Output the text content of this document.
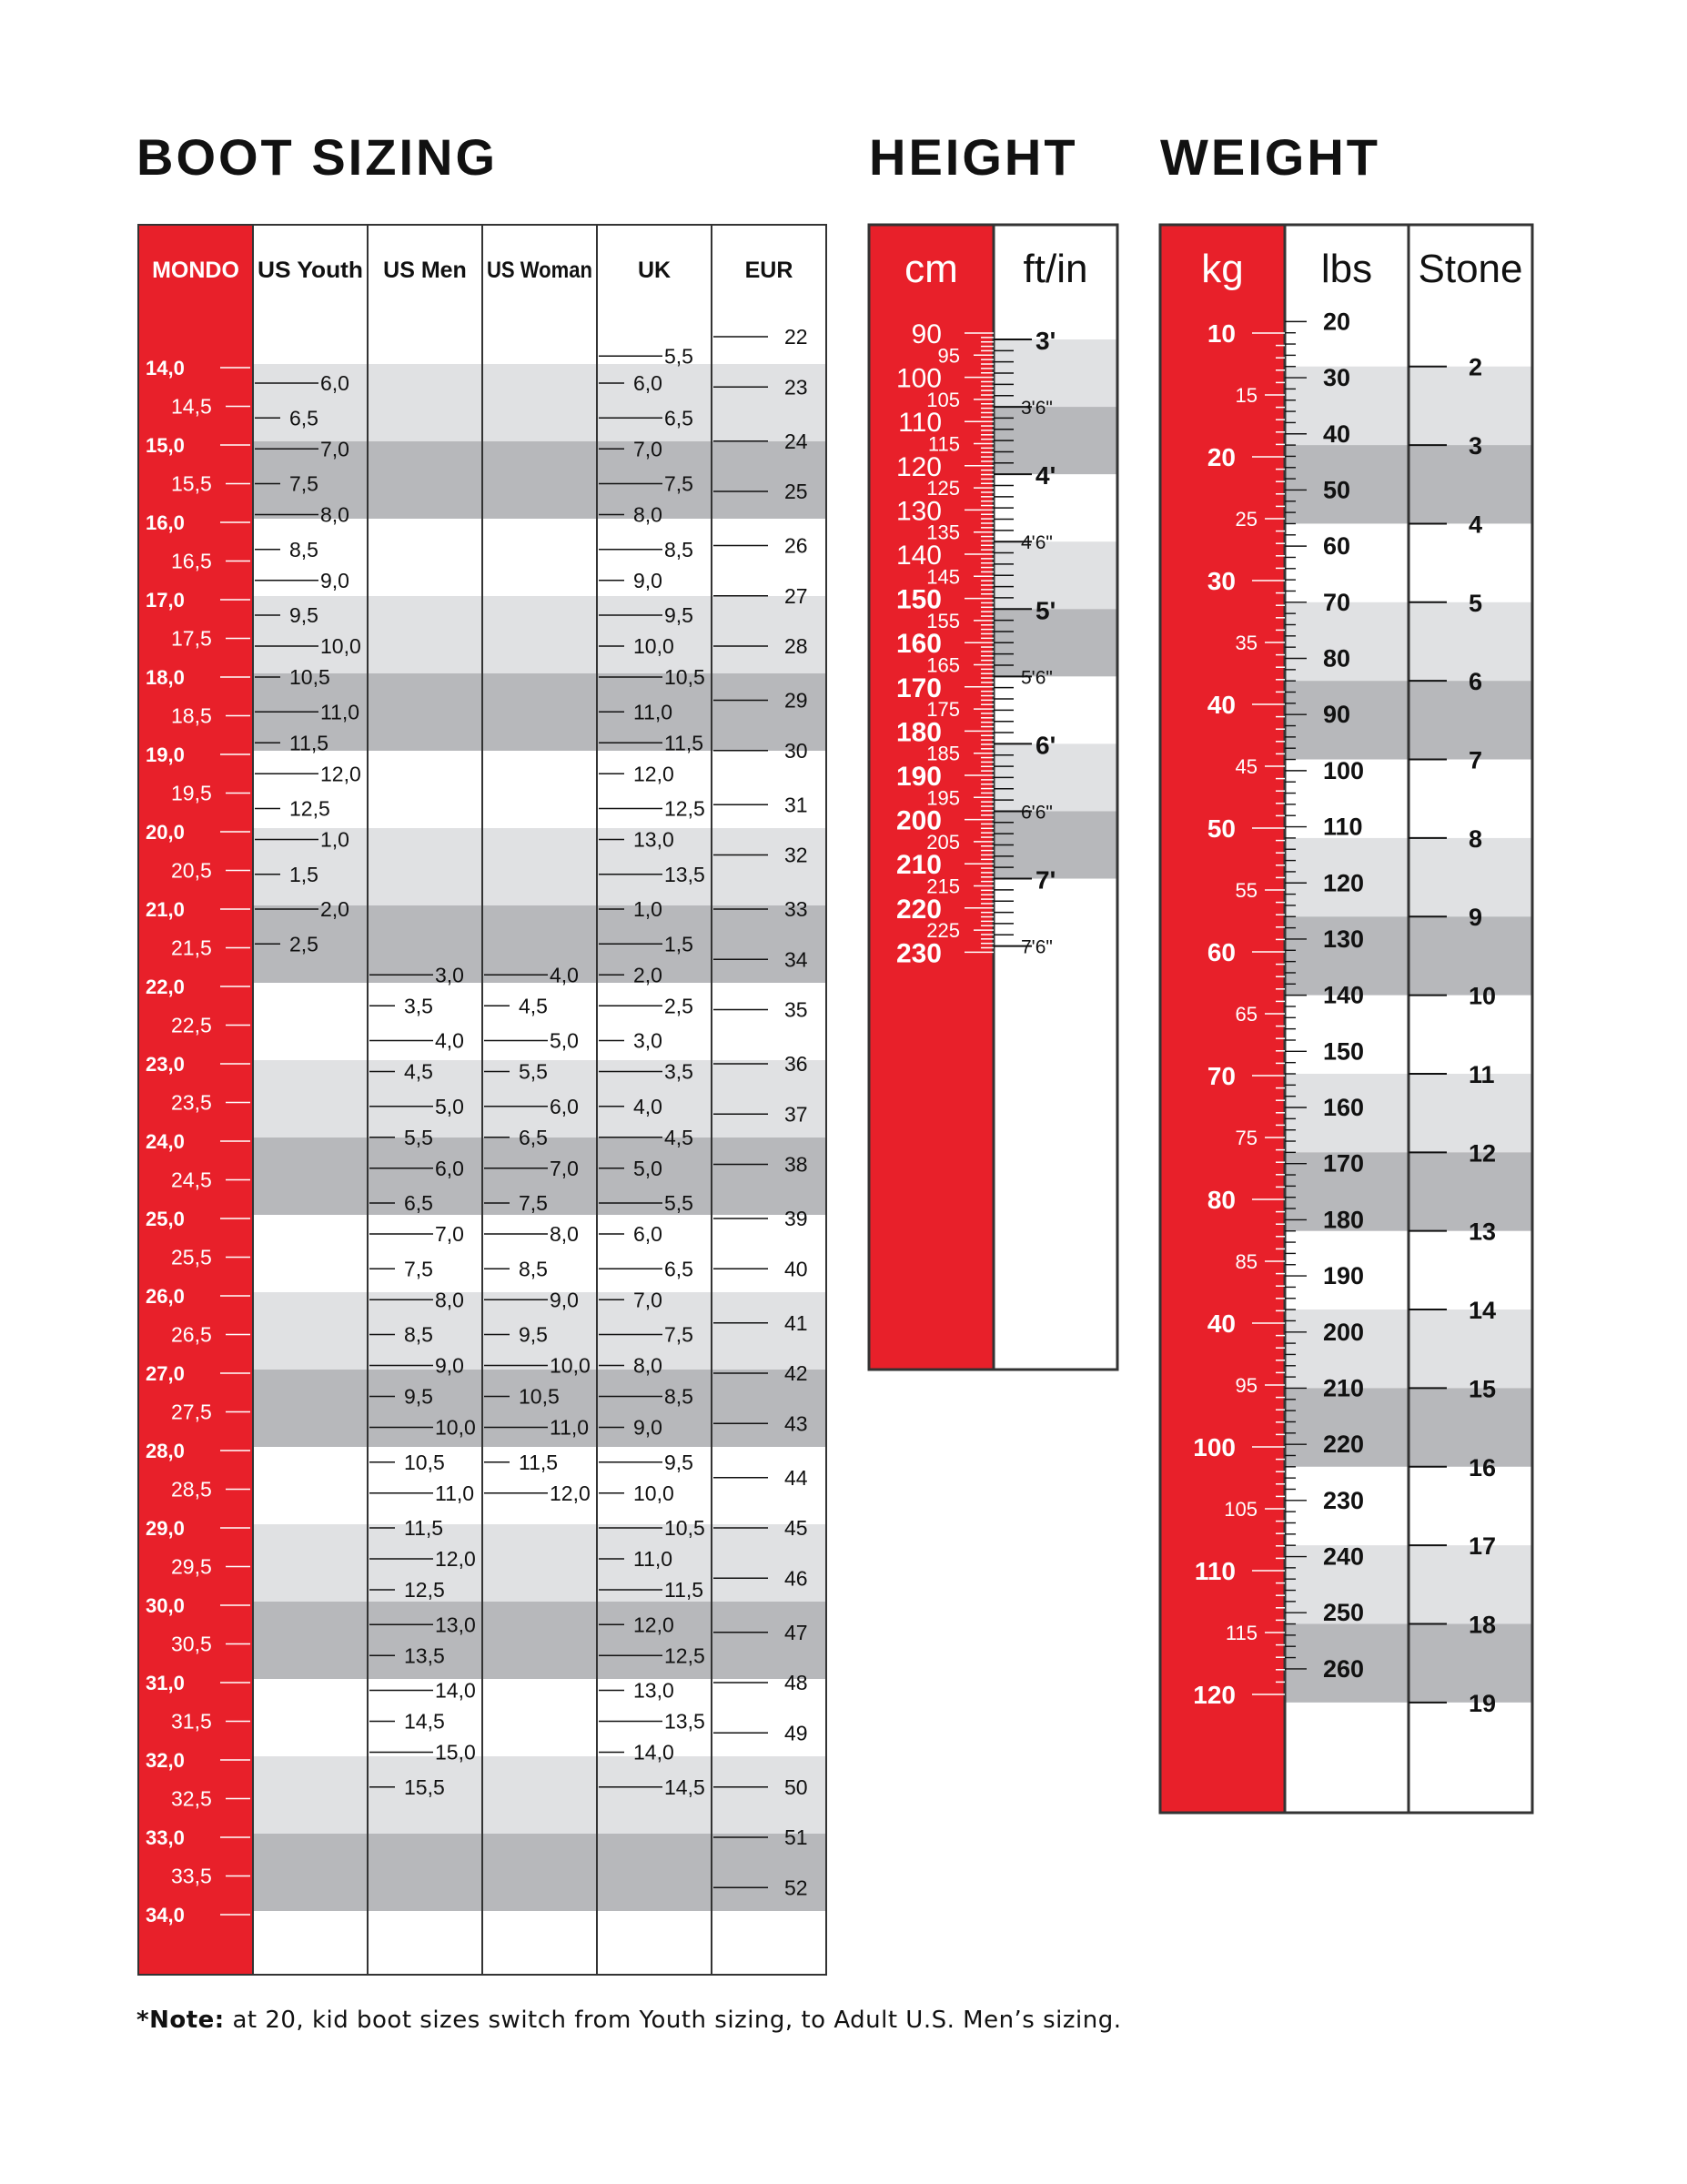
BOOT SIZING	HEIGHT WEIGHT
MONDO US Youth US Men US Woman UK	EUR
14,0
14,5
15,0
15,5
16,0
16,5
17,0
17,5
18,0
18,5
19,0
19,5
20,0
20,5
21,0
21,5
22,0
22,5
23,0
23,5
24,0
24,5
25,0
25,5
26,0
26,5
27,0
27,5
28,0
28,5
29,0
29,5
30,0
30,5
31,0
31,5
32,0
32,5
33,0
33,5
34,0
6,0
6,5
7,0
7,5
8,0
8,5
9,0
9,5
10,0
10,5
11,0
11,5
12,0
12,5
1,0
1,5
2,0
2,5
3,0
3,5
4,0
4,5
5,0
5,5
6,0
6,5
7,0
7,5
8,0
8,5
9,0
9,5
10,0
10,5
11,0
11,5
12,0
12,5
13,0
13,5
14,0
14,5
15,0
15,5
4,0
4,5
5,0
5,5
6,0
6,5
7,0
7,5
8,0
8,5
9,0
9,5
10,0
10,5
11,0
11,5
12,0
5,5
6,0
6,5
7,0
7,5
8,0
8,5
9,0
9,5
10,0
10,5
11,0
11,5
12,0
12,5
13,0
13,5
1,0
1,5
2,0
2,5
3,0
3,5
4,0
4,5
5,0
5,5
6,0
6,5
7,0
7,5
8,0
8,5
9,0
9,5
10,0
10,5
11,0
11,5
12,0
12,5
13,0
13,5
14,0
14,5
22
23
24
25
26
27
28
29
30
31
32
33
34
35
36
37
38
39
40
41
42
43
44
45
46
47
48
49
50
51
52
cm ft/in
90
95
100
105
110
115
120
125
130
135
140
145
150
155
160
165
170
175
180
185
190
195
200
205
210
215
220
225
230
3'
3'6"
4'
4'6"
5'
5'6"
6'
6'6"
7'
7'6"
kg lbs Stone
10
15
20
25
30
35
40
45
50
55
60
65
70
75
80
85
40
95
100
105
110
115
120
20
30
40
50
60
70
80
90
100
110
120
130
140
150
160
170
180
190
200
210
220
230
240
250
260
2
3
4
5
6
7
8
9
10
11
12
13
14
15
16
17
18
19
*Note: at 20, kid boot sizes switch from Youth sizing, to Adult U.S. Men’s sizing.
